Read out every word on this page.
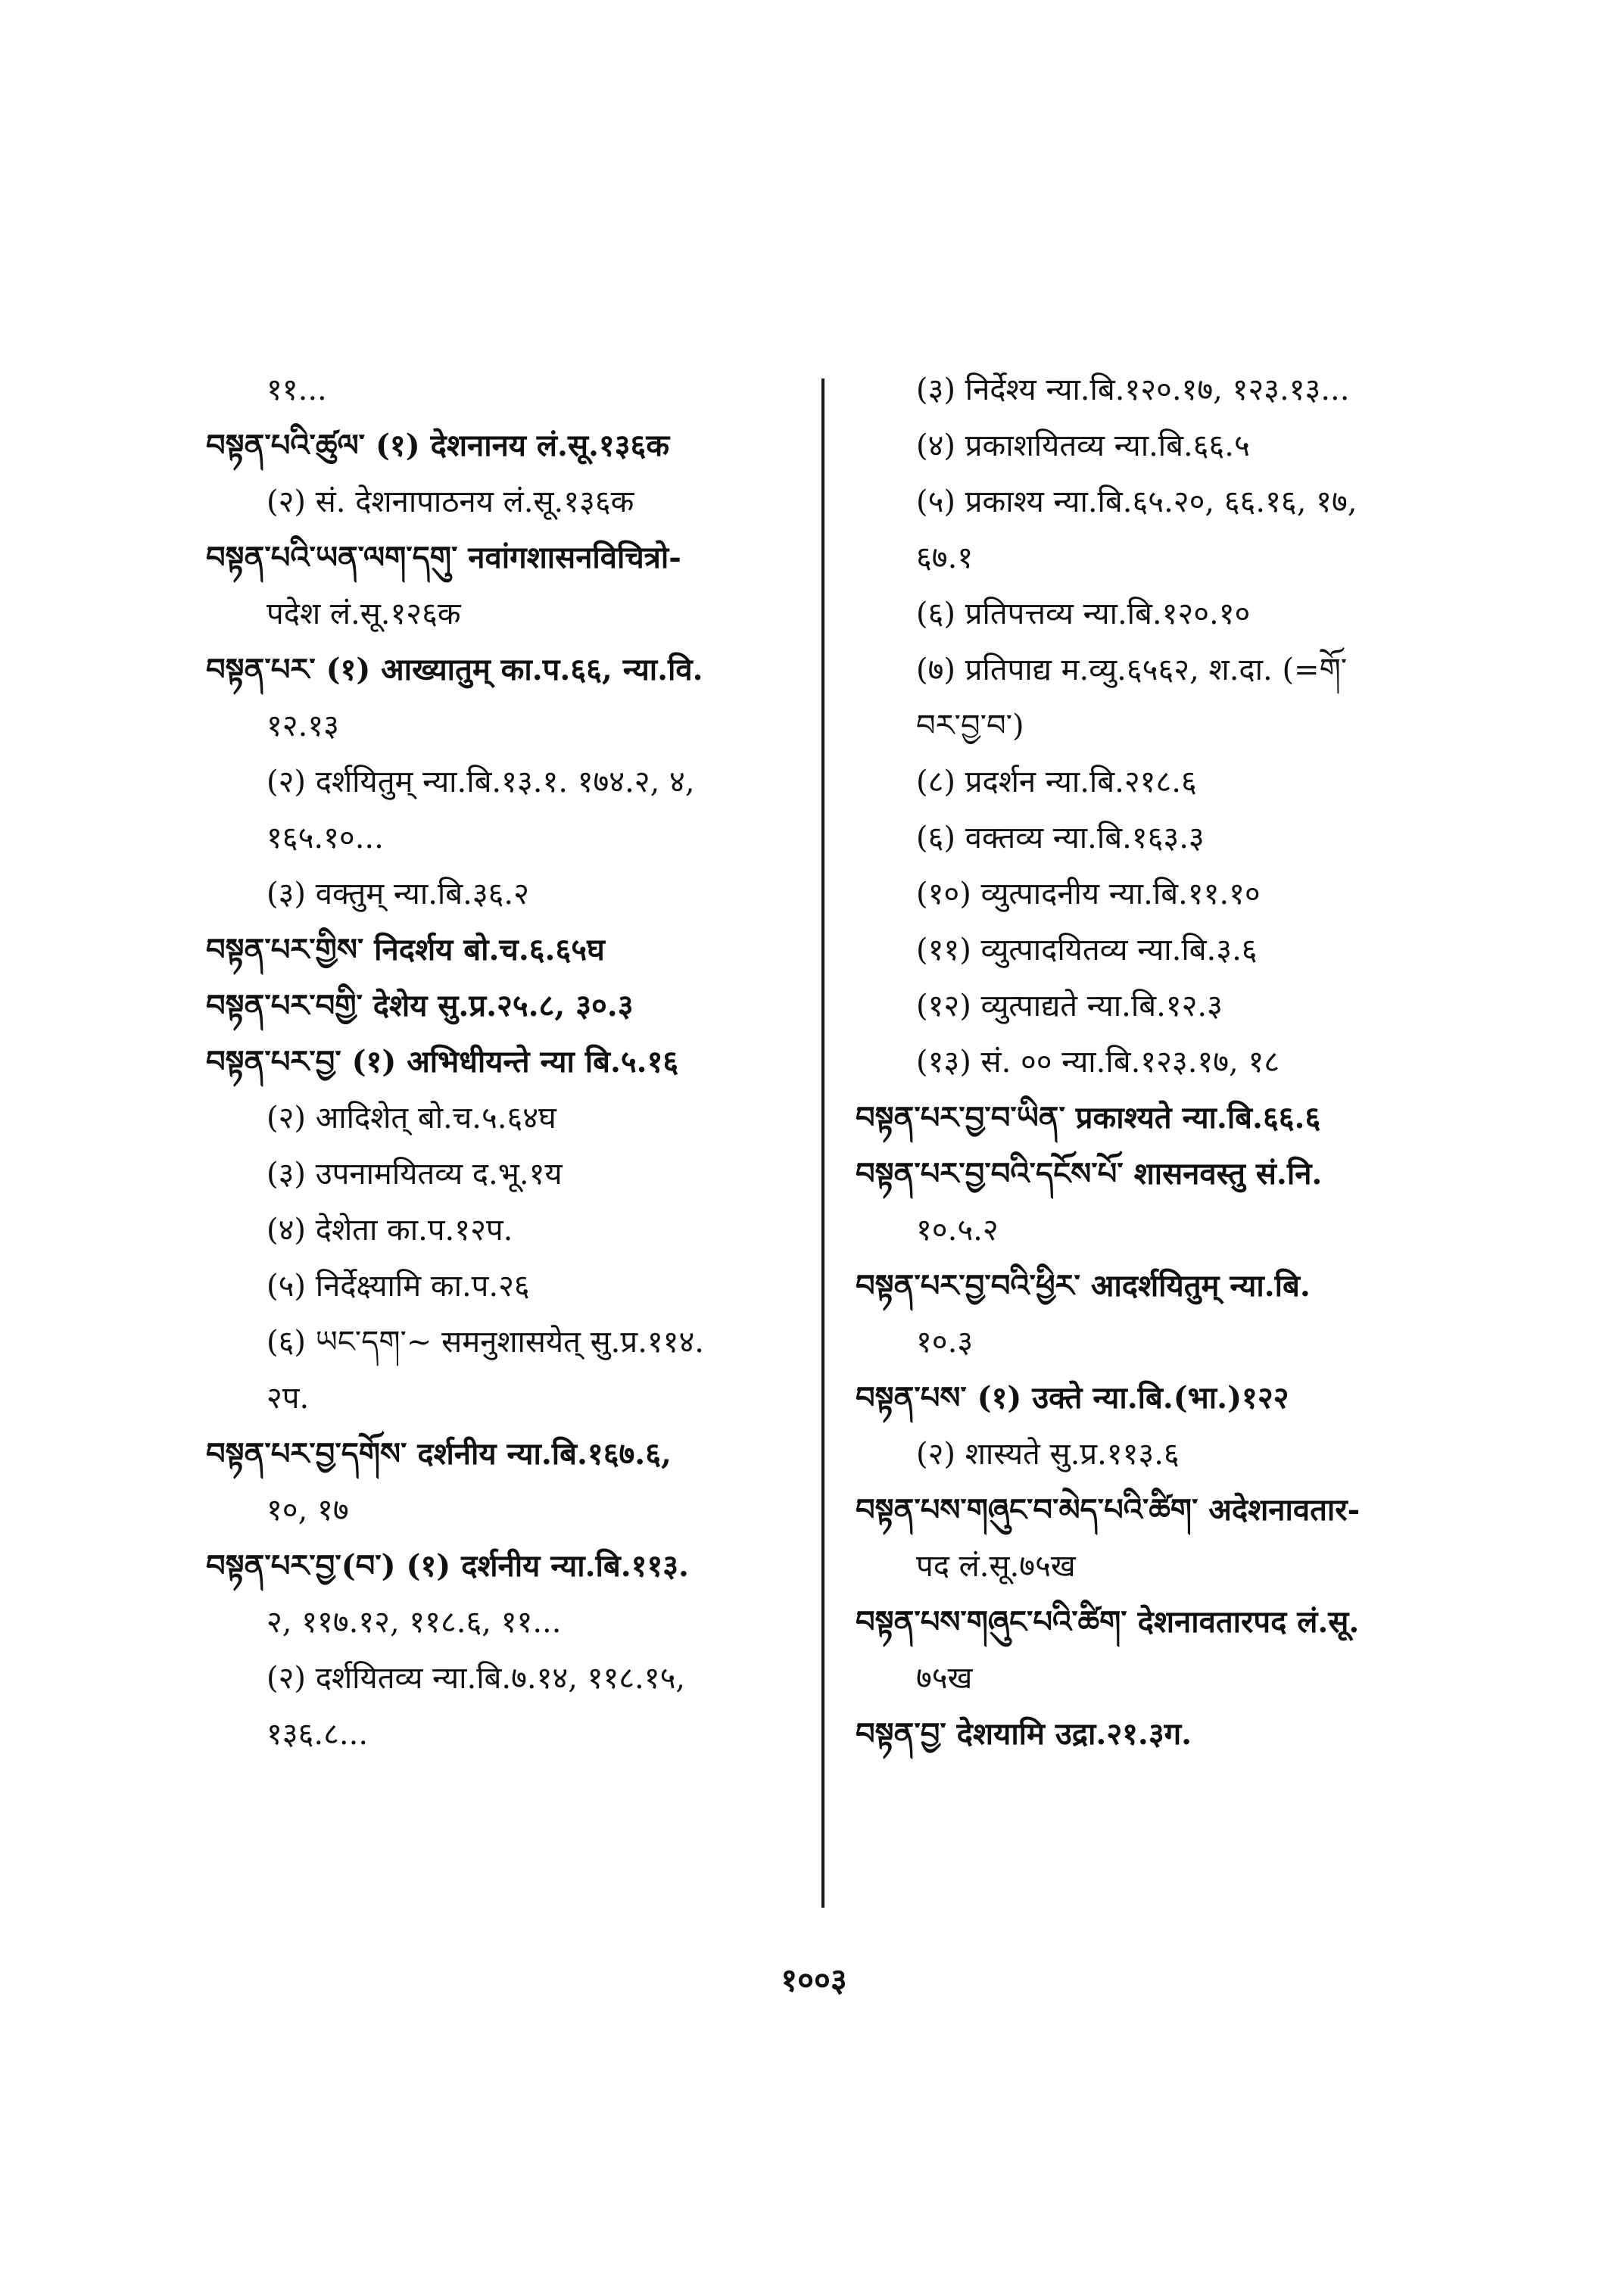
११...
བསྟན་པའི་ཚུལ་ (१) देशनानय लं.सू.१३६क
(२) सं. देशनापाठनय लं.सू.१३६क
བསྟན་པའི་ཡན་ལག་དགུ་ नवांगशासनविचित्रो-
पदेश लं.सू.१२६क
བསྟན་པར་ (१) आख्यातुम् का.प.६६, न्या.वि.
१२.१३
(२) दर्शयितुम् न्या.बि.१३.१. १७४.२, ४,
१६५.१०...
(३) वक्तुम् न्या.बि.३६.२
བསྟན་པར་གྱིས་ निदर्शय बो.च.६.६५घ
བསྟན་པར་བགྱི་ देशेय सु.प्र.२५.८, ३०.३
བསྟན་པར་བྱ་ (१) अभिधीयन्ते न्या बि.५.१६
(२) आदिशेत् बो.च.५.६४घ
(३) उपनामयितव्य द.भू.१य
(४) देशेता का.प.१२प.
(५) निर्देक्ष्यामि का.प.२६
(६) ཡང་དག་~ समनुशासयेत् सु.प्र.११४.
२प.
བསྟན་པར་བྱ་དགོས་ दर्शनीय न्या.बि.१६७.६,
१०, १७
བསྟན་པར་བྱ་(བ་) (१) दर्शनीय न्या.बि.११३.
२, ११७.१२, ११८.६, ११...
(२) दर्शयितव्य न्या.बि.७.१४, ११८.१५,
१३६.८...
(३) निर्देश्य न्या.बि.१२०.१७, १२३.१३...
(४) प्रकाशयितव्य न्या.बि.६६.५
(५) प्रकाश्य न्या.बि.६५.२०, ६६.१६, १७,
६७.१
(६) प्रतिपत्तव्य न्या.बि.१२०.१०
(७) प्रतिपाद्य म.व्यु.६५६२, श.दा. (=གོ་
བར་བྱ་བ་)
(८) प्रदर्शन न्या.बि.२१८.६
(६) वक्तव्य न्या.बि.१६३.३
(१०) व्युत्पादनीय न्या.बि.११.१०
(११) व्युत्पादयितव्य न्या.बि.३.६
(१२) व्युत्पाद्यते न्या.बि.१२.३
(१३) सं. ०० न्या.बि.१२३.१७, १८
བསྟན་པར་བྱ་བ་ཡིན་ प्रकाश्यते न्या.बि.६६.६
བསྟན་པར་བྱ་བའི་དངོས་པོ་ शासनवस्तु सं.नि.
१०.५.२
བསྟན་པར་བྱ་བའི་ཕྱིར་ आदर्शयितुम् न्या.बि.
१०.३
བསྟན་པས་ (१) उक्ते न्या.बि.(भा.)१२२
(२) शास्यते सु.प्र.११३.६
བསྟན་པས་གཞུང་བ་མེད་པའི་ཚིག་ अदेशनावतार-
पद लं.सू.७५ख
བསྟན་པས་གཞུང་པའི་ཚིག་ देशनावतारपद लं.सू.
७५ख
བསྟན་བྱ་ देशयामि उद्रा.२१.३ग.
१००३
